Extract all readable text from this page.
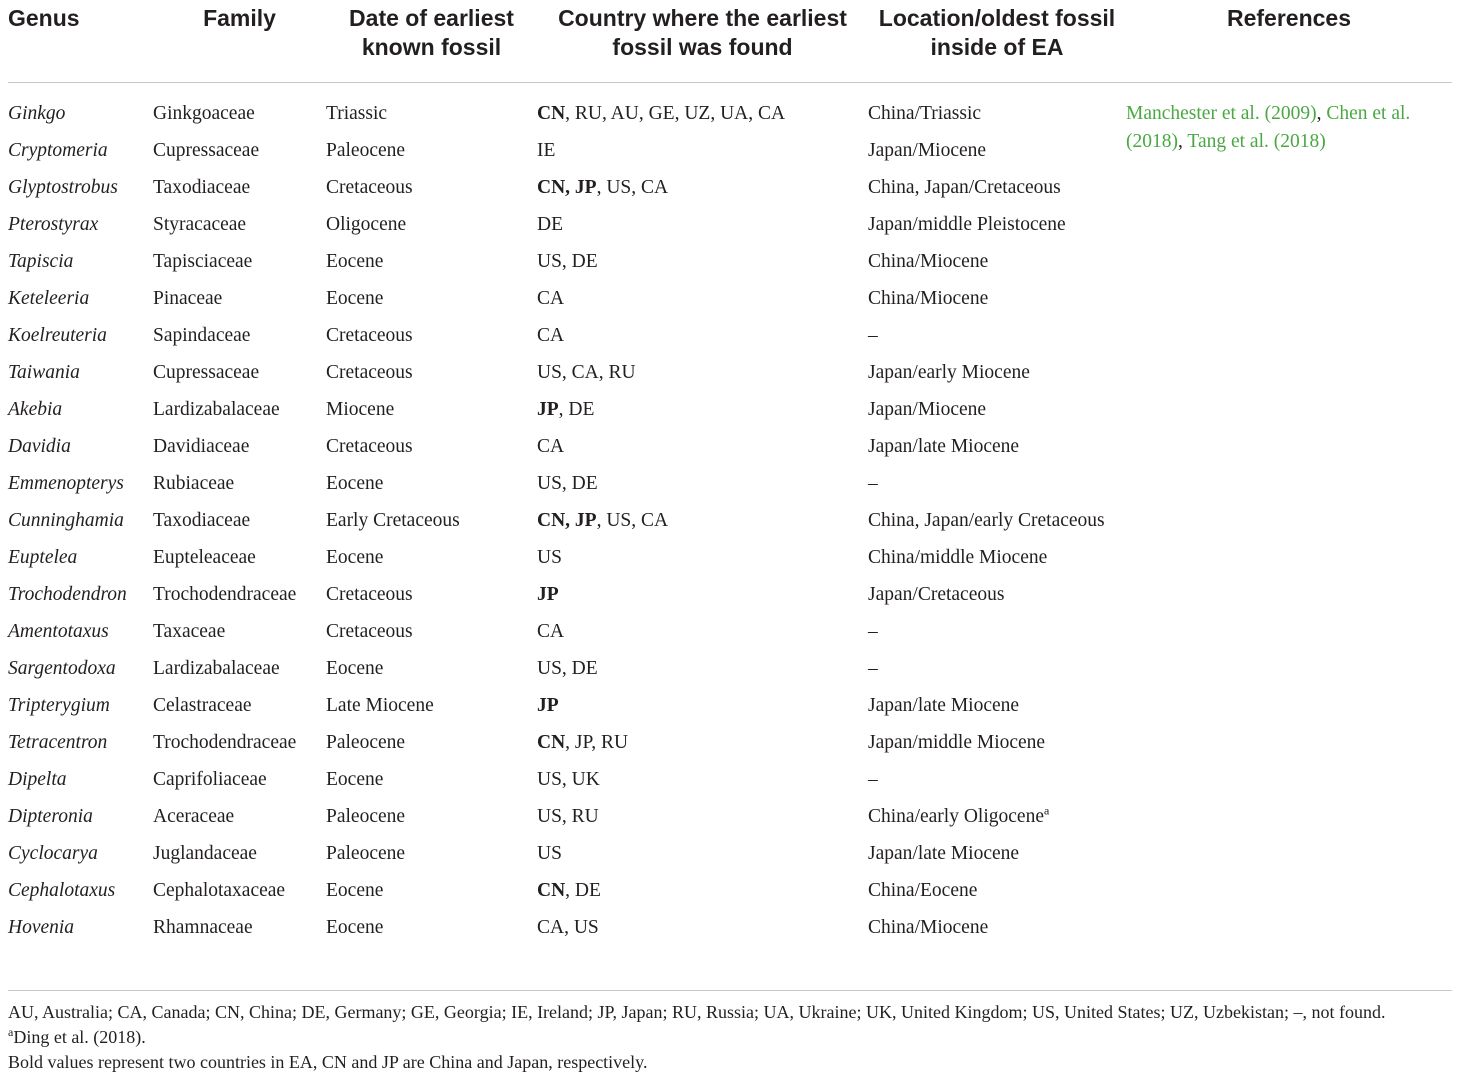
Genus	Family	Date of earliest known fossil	Country where the earliest fossil was found	Location/oldest fossil inside of EA	References
Ginkgo	Ginkgoaceae	Triassic	CN, RU, AU, GE, UZ, UA, CA	China/Triassic	Manchester et al. (2009), Chen et al. (2018), Tang et al. (2018)
Cryptomeria	Cupressaceae	Paleocene	IE	Japan/Miocene	
Glyptostrobus	Taxodiaceae	Cretaceous	CN, JP, US, CA	China, Japan/Cretaceous	
Pterostyrax	Styracaceae	Oligocene	DE	Japan/middle Pleistocene	
Tapiscia	Tapisciaceae	Eocene	US, DE	China/Miocene	
Keteleeria	Pinaceae	Eocene	CA	China/Miocene	
Koelreuteria	Sapindaceae	Cretaceous	CA	–	
Taiwania	Cupressaceae	Cretaceous	US, CA, RU	Japan/early Miocene	
Akebia	Lardizabalaceae	Miocene	JP, DE	Japan/Miocene	
Davidia	Davidiaceae	Cretaceous	CA	Japan/late Miocene	
Emmenopterys	Rubiaceae	Eocene	US, DE	–	
Cunninghamia	Taxodiaceae	Early Cretaceous	CN, JP, US, CA	China, Japan/early Cretaceous	
Euptelea	Eupteleaceae	Eocene	US	China/middle Miocene	
Trochodendron	Trochodendraceae	Cretaceous	JP	Japan/Cretaceous	
Amentotaxus	Taxaceae	Cretaceous	CA	–	
Sargentodoxa	Lardizabalaceae	Eocene	US, DE	–	
Tripterygium	Celastraceae	Late Miocene	JP	Japan/late Miocene	
Tetracentron	Trochodendraceae	Paleocene	CN, JP, RU	Japan/middle Miocene	
Dipelta	Caprifoliaceae	Eocene	US, UK	–	
Dipteronia	Aceraceae	Paleocene	US, RU	China/early Oligocene$^a$
Cyclocarya	Juglandaceae	Paleocene	US	Japan/late Miocene	
Cephalotaxus	Cephalotaxaceae	Eocene	CN, DE	China/Eocene	
Hovenia	Rhamnaceae	Eocene	CA, US	China/Miocene	

AU, Australia; CA, Canada; CN, China; DE, Germany; GE, Georgia; IE, Ireland; JP, Japan; RU, Russia; UA, Ukraine; UK, United Kingdom; US, United States; UZ, Uzbekistan; –, not found.

$^a$Ding et al. (2018).

Bold values represent two countries in EA, CN and JP are China and Japan, respectively.
